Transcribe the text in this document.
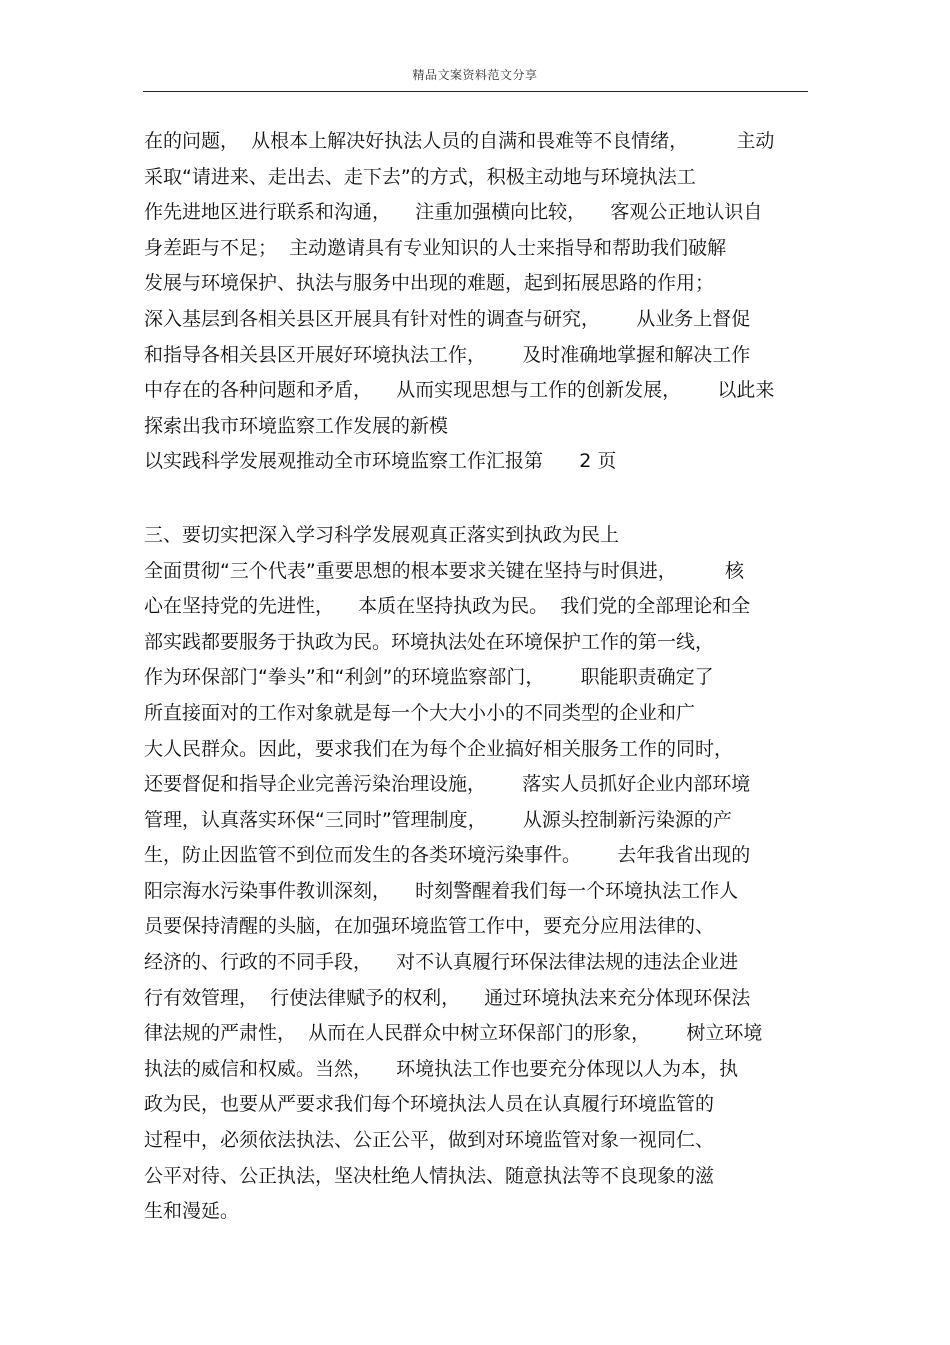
精品文案资料范文分享
在的问题，  从根本上解决好执法人员的自满和畏难等不良情绪，        主动
采取“请进来、走出去、走下去”的方式，积极主动地与环境执法工
作先进地区进行联系和沟通，    注重加强横向比较，    客观公正地认识自
身差距与不足；  主动邀请具有专业知识的人士来指导和帮助我们破解
发展与环境保护、执法与服务中出现的难题，起到拓展思路的作用；
深入基层到各相关县区开展具有针对性的调查与研究，      从业务上督促
和指导各相关县区开展好环境执法工作，      及时准确地掌握和解决工作
中存在的各种问题和矛盾，    从而实现思想与工作的创新发展，      以此来
探索出我市环境监察工作发展的新模
以实践科学发展观推动全市环境监察工作汇报第      2 页
三、要切实把深入学习科学发展观真正落实到执政为民上
全面贯彻“三个代表”重要思想的根本要求关键在坚持与时俱进，        核
心在坚持党的先进性，    本质在坚持执政为民。  我们党的全部理论和全
部实践都要服务于执政为民。环境执法处在环境保护工作的第一线，
作为环保部门“拳头”和“利剑”的环境监察部门，      职能职责确定了
所直接面对的工作对象就是每一个大大小小的不同类型的企业和广
大人民群众。因此，要求我们在为每个企业搞好相关服务工作的同时，
还要督促和指导企业完善污染治理设施，      落实人员抓好企业内部环境
管理，认真落实环保“三同时”管理制度，      从源头控制新污染源的产
生，防止因监管不到位而发生的各类环境污染事件。      去年我省出现的
阳宗海水污染事件教训深刻，    时刻警醒着我们每一个环境执法工作人
员要保持清醒的头脑，在加强环境监管工作中，要充分应用法律的、
经济的、行政的不同手段，    对不认真履行环保法律法规的违法企业进
行有效管理，  行使法律赋予的权利，    通过环境执法来充分体现环保法
律法规的严肃性，  从而在人民群众中树立环保部门的形象，      树立环境
执法的威信和权威。当然，    环境执法工作也要充分体现以人为本，执
政为民，也要从严要求我们每个环境执法人员在认真履行环境监管的
过程中，必须依法执法、公正公平，做到对环境监管对象一视同仁、
公平对待、公正执法，坚决杜绝人情执法、随意执法等不良现象的滋
生和漫延。
